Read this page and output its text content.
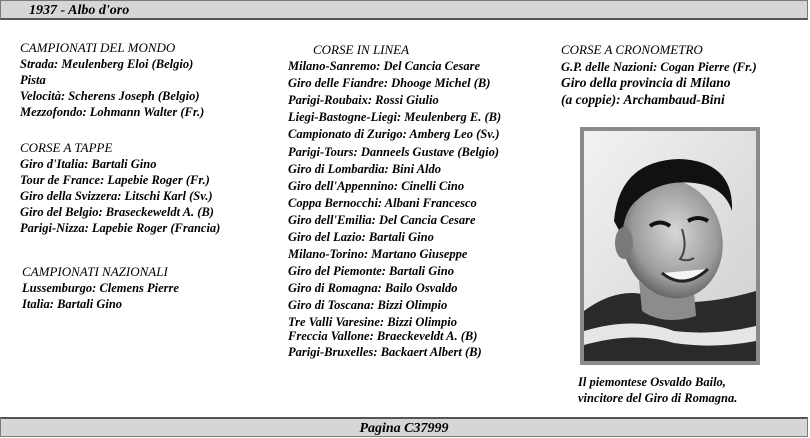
1937 - Albo d'oro
CAMPIONATI DEL MONDO
Strada: Meulenberg Eloi (Belgio)
Pista
Velocità: Scherens Joseph (Belgio)
Mezzofondo: Lohmann Walter (Fr.)
CORSE A TAPPE
Giro d'Italia: Bartali Gino
Tour de France: Lapebie Roger (Fr.)
Giro della Svizzera: Litschi Karl (Sv.)
Giro del Belgio: Braseckeweldt A. (B)
Parigi-Nizza: Lapebie Roger (Francia)
CAMPIONATI NAZIONALI
Lussemburgo: Clemens Pierre
Italia: Bartali Gino
CORSE IN LINEA
Milano-Sanremo: Del Cancia Cesare
Giro delle Fiandre: Dhooge Michel (B)
Parigi-Roubaix: Rossi Giulio
Liegi-Bastogne-Liegi: Meulenberg E. (B)
Campionato di Zurigo: Amberg Leo (Sv.)
Parigi-Tours: Danneels Gustave (Belgio)
Giro di Lombardia: Bini Aldo
Giro dell'Appennino: Cinelli Cino
Coppa Bernocchi: Albani Francesco
Giro dell'Emilia: Del Cancia Cesare
Giro del Lazio: Bartali Gino
Milano-Torino: Martano Giuseppe
Giro del Piemonte: Bartali Gino
Giro di Romagna: Bailo Osvaldo
Giro di Toscana: Bizzi Olimpio
Tre Valli Varesine: Bizzi Olimpio
Freccia Vallone: Braeckeveldt A. (B)
Parigi-Bruxelles: Backaert Albert (B)
CORSE A CRONOMETRO
G.P. delle Nazioni: Cogan Pierre (Fr.)
Giro della provincia di Milano
(a coppie): Archambaud-Bini
Il piemontese Osvaldo Bailo,
vincitore del Giro di Romagna.
Pagina C37999
